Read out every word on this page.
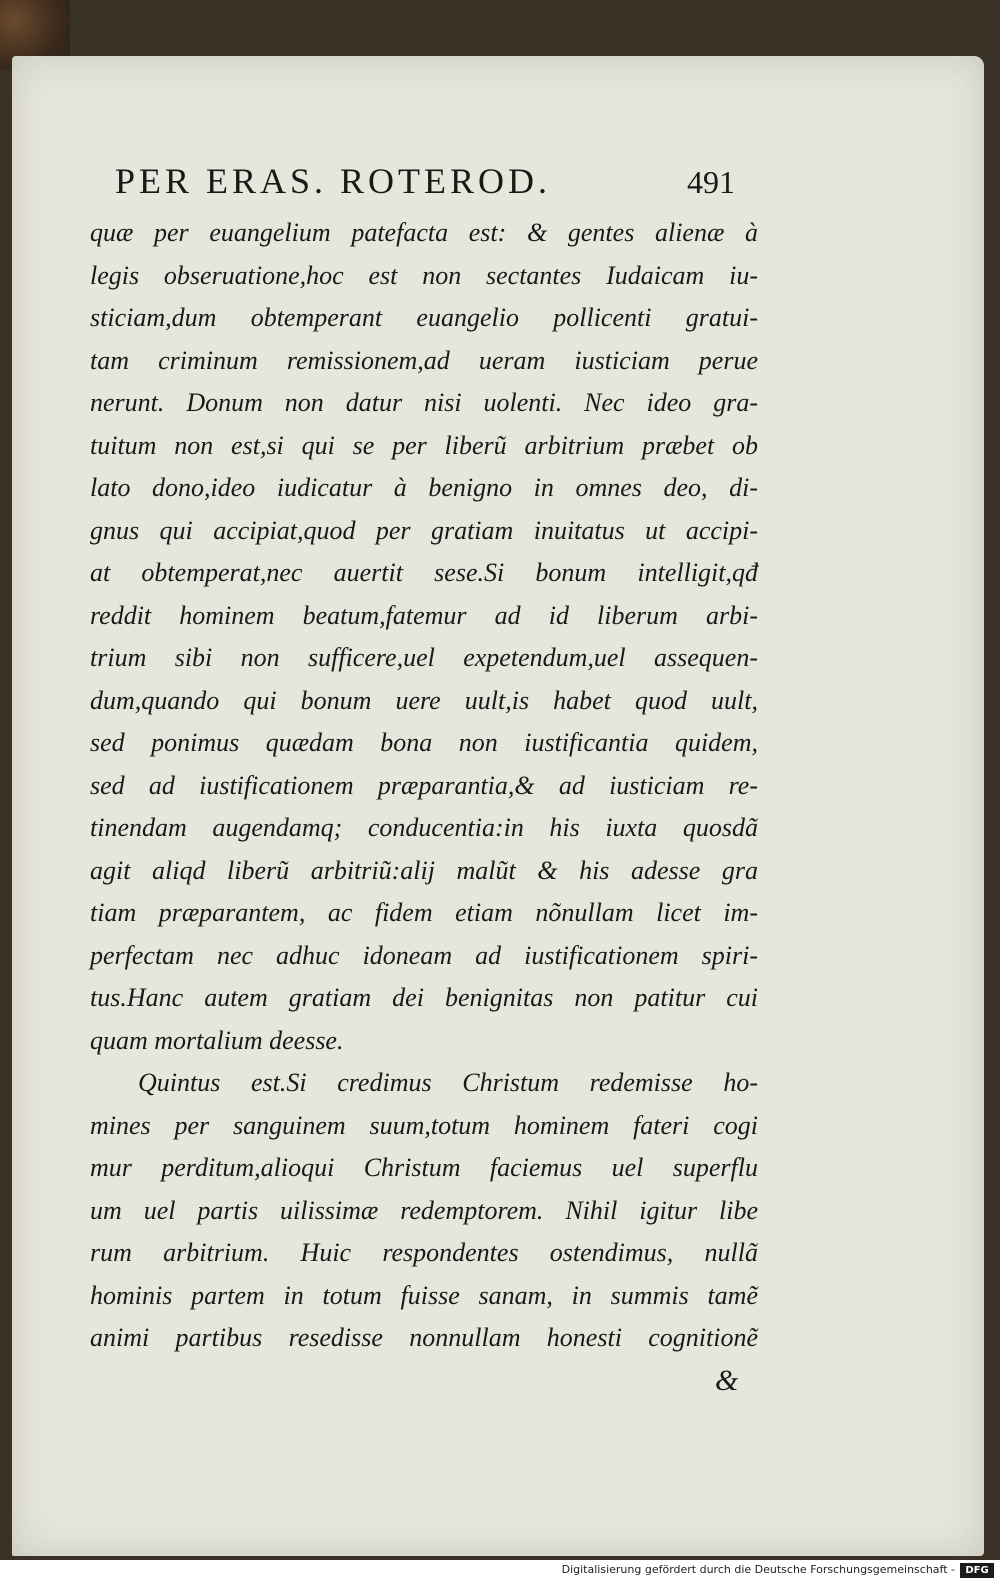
PER ERAS. ROTEROD.	491
quæ per euangelium patefacta est: & gentes alienæ à
legis obseruatione,hoc est non sectantes Iudaicam iu-
sticiam,dum obtemperant euangelio pollicenti gratui-
tam criminum remissionem,ad ueram iusticiam perue
nerunt. Donum non datur nisi uolenti. Nec ideo gra-
tuitum non est,si qui se per liberũ arbitrium præbet ob
lato dono,ideo iudicatur à benigno in omnes deo, di-
gnus qui accipiat,quod per gratiam inuitatus ut accipi-
at obtemperat,nec auertit sese.Si bonum intelligit,qđ
reddit hominem beatum,fatemur ad id liberum arbi-
trium sibi non sufficere,uel expetendum,uel assequen-
dum,quando qui bonum uere uult,is habet quod uult,
sed ponimus quædam bona non iustificantia quidem,
sed ad iustificationem præparantia,& ad iusticiam re-
tinendam augendamq; conducentia:in his iuxta quosdã
agit aliqd liberũ arbitriũ:alij malũt & his adesse gra
tiam præparantem, ac fidem etiam nõnullam licet im-
perfectam nec adhuc idoneam ad iustificationem spiri-
tus.Hanc autem gratiam dei benignitas non patitur cui
quam mortalium deesse.
Quintus est.Si credimus Christum redemisse ho-
mines per sanguinem suum,totum hominem fateri cogi
mur perditum,alioqui Christum faciemus uel superflu
um uel partis uilissimæ redemptorem. Nihil igitur libe
rum arbitrium. Huic respondentes ostendimus, nullã
hominis partem in totum fuisse sanam, in summis tamẽ
animi partibus resedisse nonnullam honesti cognitionẽ
&
Digitalisierung gefördert durch die Deutsche Forschungsgemeinschaft -	DFG
